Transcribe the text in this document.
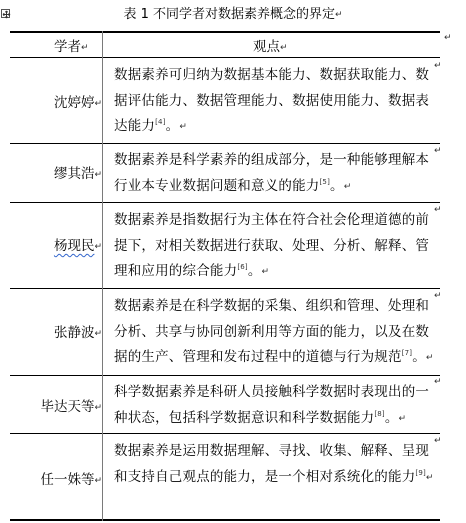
表 1 不同学者对数据素养概念的界定↵
学者↵	观点↵
↵
沈婷婷↵
数据素养可归纳为数据基本能力、数据获取能力、数据评估能力、数据管理能力、数据使用能力、数据表达能力[4]。↵
↵
缪其浩↵
数据素养是科学素养的组成部分，是一种能够理解本行业本专业数据问题和意义的能力[5]。↵
↵
杨现民↵
数据素养是指数据行为主体在符合社会伦理道德的前提下，对相关数据进行获取、处理、分析、解释、管理和应用的综合能力[6]。↵
↵
张静波↵
数据素养是在科学数据的采集、组织和管理、处理和分析、共享与协同创新利用等方面的能力，以及在数据的生产、管理和发布过程中的道德与行为规范[7]。↵
↵
毕达天等↵
科学数据素养是科研人员接触科学数据时表现出的一种状态，包括科学数据意识和科学数据能力[8]。↵
↵
任一姝等↵
数据素养是运用数据理解、寻找、收集、解释、呈现和支持自己观点的能力，是一个相对系统化的能力[9]↵
↵
